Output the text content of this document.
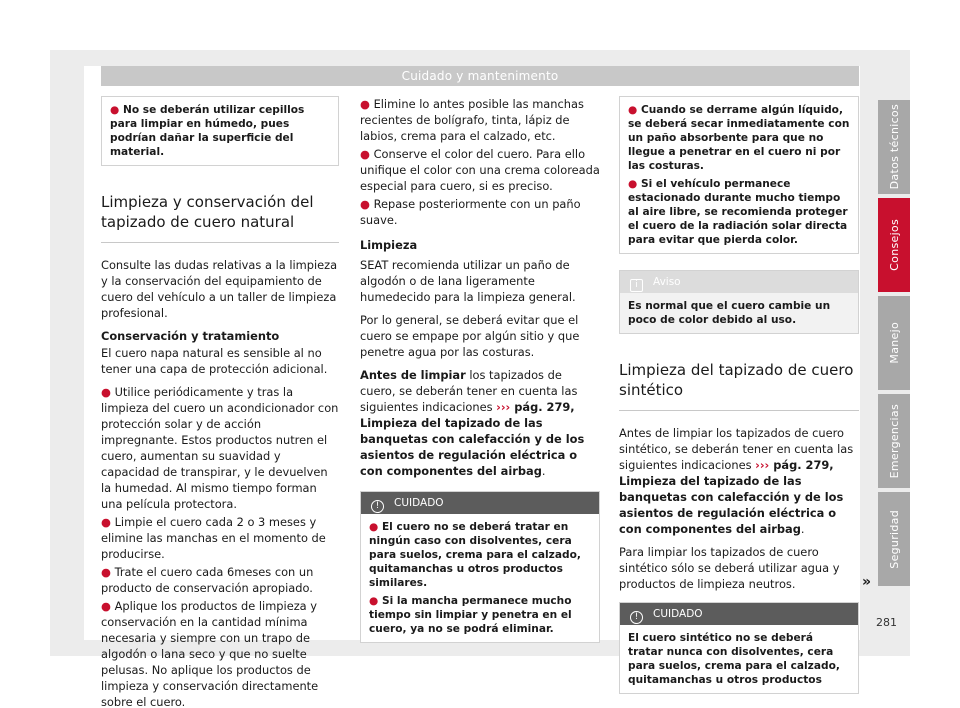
Cuidado y mantenimento
● No se deberán utilizar cepillos para limpiar en húmedo, pues podrían dañar la superficie del material.
Limpieza y conservación del tapizado de cuero natural

Consulte las dudas relativas a la limpieza y la conservación del equipamiento de cuero del vehículo a un taller de limpieza profesional.

Conservación y tratamiento

El cuero napa natural es sensible al no tener una capa de protección adicional.

● Utilice periódicamente y tras la limpieza del cuero un acondicionador con protección solar y de acción impregnante. Estos productos nutren el cuero, aumentan su suavidad y capacidad de transpirar, y le devuelven la humedad. Al mismo tiempo forman una película protectora.
● Limpie el cuero cada 2 o 3 meses y elimine las manchas en el momento de producirse.
● Trate el cuero cada 6meses con un producto de conservación apropiado.
● Aplique los productos de limpieza y conservación en la cantidad mínima necesaria y siempre con un trapo de algodón o lana seco y que no suelte pelusas. No aplique los productos de limpieza y conservación directamente sobre el cuero.
● Elimine lo antes posible las manchas recientes de bolígrafo, tinta, lápiz de labios, crema para el calzado, etc.
● Conserve el color del cuero. Para ello unifique el color con una crema coloreada especial para cuero, si es preciso.
● Repase posteriormente con un paño suave.
Limpieza

SEAT recomienda utilizar un paño de algodón o de lana ligeramente humedecido para la limpieza general.

Por lo general, se deberá evitar que el cuero se empape por algún sitio y que penetre agua por las costuras.

Antes de limpiar los tapizados de cuero, se deberán tener en cuenta las siguientes indicaciones ››› pág. 279, Limpieza del tapizado de las banquetas con calefacción y de los asientos de regulación eléctrica o con componentes del airbag.

! CUIDADO
● El cuero no se deberá tratar en ningún caso con disolventes, cera para suelos, crema para el calzado, quitamanchas u otros productos similares.
● Si la mancha permanece mucho tiempo sin limpiar y penetra en el cuero, ya no se podrá eliminar.
● Cuando se derrame algún líquido, se deberá secar inmediatamente con un paño absorbente para que no llegue a penetrar en el cuero ni por las costuras.
● Si el vehículo permanece estacionado durante mucho tiempo al aire libre, se recomienda proteger el cuero de la radiación solar directa para evitar que pierda color.
i Aviso
Es normal que el cuero cambie un poco de color debido al uso.
Limpieza del tapizado de cuero sintético

Antes de limpiar los tapizados de cuero sintético, se deberán tener en cuenta las siguientes indicaciones ››› pág. 279, Limpieza del tapizado de las banquetas con calefacción y de los asientos de regulación eléctrica o con componentes del airbag.

Para limpiar los tapizados de cuero sintético sólo se deberá utilizar agua y productos de limpieza neutros.

! CUIDADO
El cuero sintético no se deberá tratar nunca con disolventes, cera para suelos, crema para el calzado, quitamanchas u otros productos
»
Datos técnicos
Consejos
Manejo
Emergencias
Seguridad
281
